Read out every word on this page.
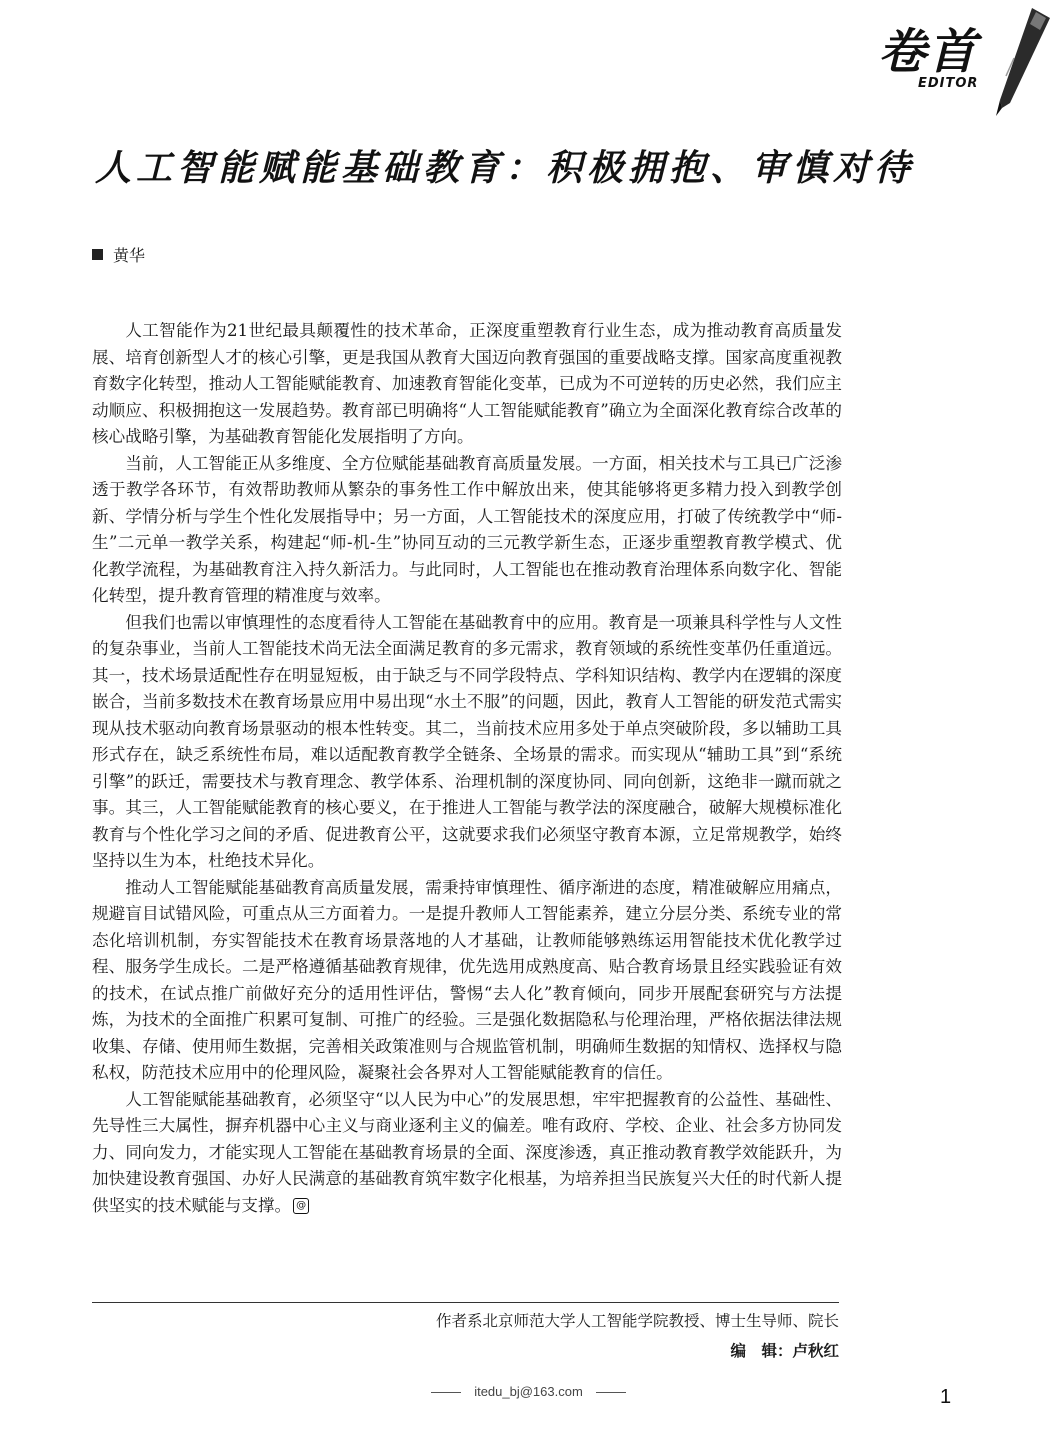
卷首
EDITOR
人工智能赋能基础教育：积极拥抱、审慎对待
黄华

人工智能作为21世纪最具颠覆性的技术革命，正深度重塑教育行业生态，成为推动教育高质量发展、培育创新型人才的核心引擎，更是我国从教育大国迈向教育强国的重要战略支撑。国家高度重视教育数字化转型，推动人工智能赋能教育、加速教育智能化变革，已成为不可逆转的历史必然，我们应主动顺应、积极拥抱这一发展趋势。教育部已明确将“人工智能赋能教育”确立为全面深化教育综合改革的核心战略引擎，为基础教育智能化发展指明了方向。

当前，人工智能正从多维度、全方位赋能基础教育高质量发展。一方面，相关技术与工具已广泛渗透于教学各环节，有效帮助教师从繁杂的事务性工作中解放出来，使其能够将更多精力投入到教学创新、学情分析与学生个性化发展指导中；另一方面，人工智能技术的深度应用，打破了传统教学中“师-生”二元单一教学关系，构建起“师-机-生”协同互动的三元教学新生态，正逐步重塑教育教学模式、优化教学流程，为基础教育注入持久新活力。与此同时，人工智能也在推动教育治理体系向数字化、智能化转型，提升教育管理的精准度与效率。

但我们也需以审慎理性的态度看待人工智能在基础教育中的应用。教育是一项兼具科学性与人文性的复杂事业，当前人工智能技术尚无法全面满足教育的多元需求，教育领域的系统性变革仍任重道远。其一，技术场景适配性存在明显短板，由于缺乏与不同学段特点、学科知识结构、教学内在逻辑的深度嵌合，当前多数技术在教育场景应用中易出现“水土不服”的问题，因此，教育人工智能的研发范式需实现从技术驱动向教育场景驱动的根本性转变。其二，当前技术应用多处于单点突破阶段，多以辅助工具形式存在，缺乏系统性布局，难以适配教育教学全链条、全场景的需求。而实现从“辅助工具”到“系统引擎”的跃迁，需要技术与教育理念、教学体系、治理机制的深度协同、同向创新，这绝非一蹴而就之事。其三，人工智能赋能教育的核心要义，在于推进人工智能与教学法的深度融合，破解大规模标准化教育与个性化学习之间的矛盾、促进教育公平，这就要求我们必须坚守教育本源，立足常规教学，始终坚持以生为本，杜绝技术异化。

推动人工智能赋能基础教育高质量发展，需秉持审慎理性、循序渐进的态度，精准破解应用痛点，规避盲目试错风险，可重点从三方面着力。一是提升教师人工智能素养，建立分层分类、系统专业的常态化培训机制，夯实智能技术在教育场景落地的人才基础，让教师能够熟练运用智能技术优化教学过程、服务学生成长。二是严格遵循基础教育规律，优先选用成熟度高、贴合教育场景且经实践验证有效的技术，在试点推广前做好充分的适用性评估，警惕“去人化”教育倾向，同步开展配套研究与方法提炼，为技术的全面推广积累可复制、可推广的经验。三是强化数据隐私与伦理治理，严格依据法律法规收集、存储、使用师生数据，完善相关政策准则与合规监管机制，明确师生数据的知情权、选择权与隐私权，防范技术应用中的伦理风险，凝聚社会各界对人工智能赋能教育的信任。

人工智能赋能基础教育，必须坚守“以人民为中心”的发展思想，牢牢把握教育的公益性、基础性、先导性三大属性，摒弃机器中心主义与商业逐利主义的偏差。唯有政府、学校、企业、社会多方协同发力、同向发力，才能实现人工智能在基础教育场景的全面、深度渗透，真正推动教育教学效能跃升，为加快建设教育强国、办好人民满意的基础教育筑牢数字化根基，为培养担当民族复兴大任的时代新人提供坚实的技术赋能与支撑。 @

作者系北京师范大学人工智能学院教授、博士生导师、院长
编　辑：卢秋红
itedu_bj@163.com	1
